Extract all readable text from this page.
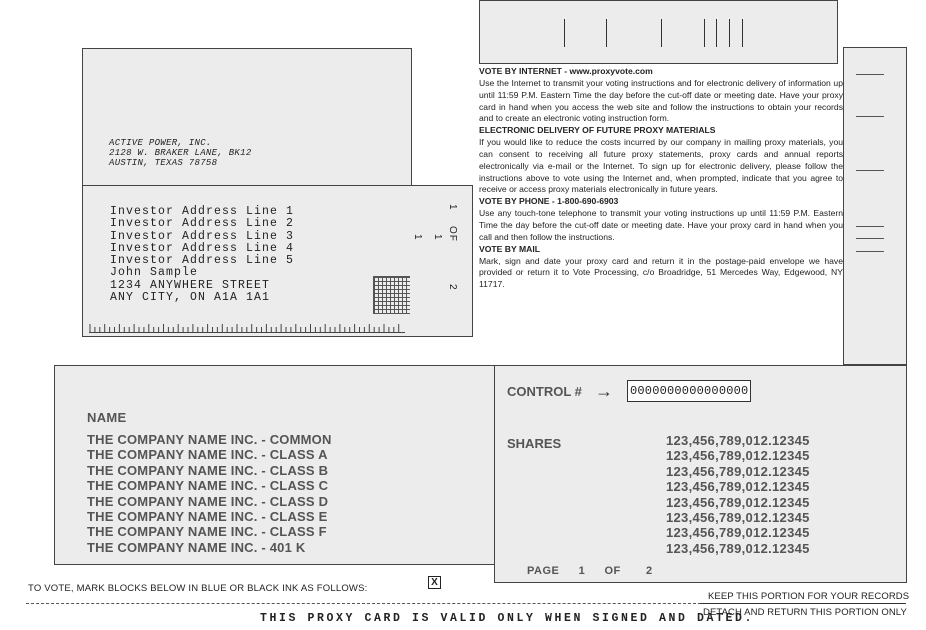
ACTIVE POWER, INC.
2128 W. BRAKER LANE, BK12
AUSTIN, TEXAS 78758
Investor Address Line 1
Investor Address Line 2
Investor Address Line 3
Investor Address Line 4
Investor Address Line 5
John Sample
1234 ANYWHERE STREET
ANY CITY, ON A1A 1A1
1
OF
1
1
2

VOTE BY INTERNET - www.proxyvote.com

Use the Internet to transmit your voting instructions and for electronic delivery of information up until 11:59 P.M. Eastern Time the day before the cut-off date or meeting date. Have your proxy card in hand when you access the web site and follow the instructions to obtain your records and to create an electronic voting instruction form.

ELECTRONIC DELIVERY OF FUTURE PROXY MATERIALS

If you would like to reduce the costs incurred by our company in mailing proxy materials, you can consent to receiving all future proxy statements, proxy cards and annual reports electronically via e-mail or the Internet. To sign up for electronic delivery, please follow the instructions above to vote using the Internet and, when prompted, indicate that you agree to receive or access proxy materials electronically in future years.

VOTE BY PHONE - 1-800-690-6903

Use any touch-tone telephone to transmit your voting instructions up until 11:59 P.M. Eastern Time the day before the cut-off date or meeting date. Have your proxy card in hand when you call and then follow the instructions.

VOTE BY MAIL

Mark, sign and date your proxy card and return it in the postage-paid envelope we have provided or return it to Vote Processing, c/o Broadridge, 51 Mercedes Way, Edgewood, NY 11717.

NAME
THE COMPANY NAME INC. - COMMON
THE COMPANY NAME INC. - CLASS A
THE COMPANY NAME INC. - CLASS B
THE COMPANY NAME INC. - CLASS C
THE COMPANY NAME INC. - CLASS D
THE COMPANY NAME INC. - CLASS E
THE COMPANY NAME INC. - CLASS F
THE COMPANY NAME INC. - 401 K
CONTROL # → 0000000000000000
SHARES	123,456,789,012.12345
123,456,789,012.12345
123,456,789,012.12345
123,456,789,012.12345
123,456,789,012.12345
123,456,789,012.12345
123,456,789,012.12345
123,456,789,012.12345
PAGE 1 OF 2
TO VOTE, MARK BLOCKS BELOW IN BLUE OR BLACK INK AS FOLLOWS:
X
KEEP THIS PORTION FOR YOUR RECORDS
DETACH AND RETURN THIS PORTION ONLY
THIS PROXY CARD IS VALID ONLY WHEN SIGNED AND DATED.
